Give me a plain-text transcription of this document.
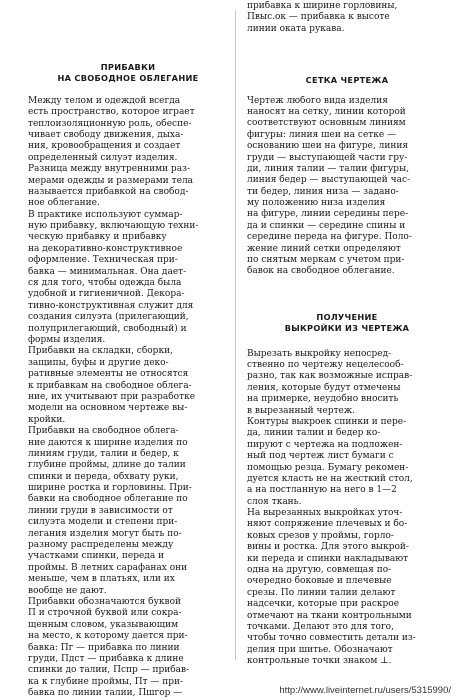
ПРИБАВКИ
НА СВОБОДНОЕ ОБЛЕГАНИЕ
Между телом и одеждой всегда
есть пространство, которое играет
теплоизоляционную роль, обеспе-
чивает свободу движения, дыха-
ния, кровообращения и создает
определенный силуэт изделия.
Разница между внутренними раз-
мерами одежды и размерами тела
называется прибавкой на свобод-
ное облегание.
В практике используют суммар-
ную прибавку, включающую техни-
ческую прибавку и прибавку
на декоративно-конструктивное
оформление. Техническая при-
бавка — минимальная. Она дает-
ся для того, чтобы одежда была
удобной и гигиеничной. Декора-
тивно-конструктивная служит для
создания силуэта (прилегающий,
полуприлегающий, свободный) и
формы изделия.
Прибавки на складки, сборки,
защипы, буфы и другие деко-
ративные элементы не относятся
к прибавкам на свободное облега-
ние, их учитывают при разработке
модели на основном чертеже вы-
кройки.
Прибавки на свободное облега-
ние даются к ширине изделия по
линиям груди, талии и бедер, к
глубине проймы, длине до талии
спинки и переда, обхвату руки,
ширине ростка и горловины. При-
бавки на свободное облегание по
линии груди в зависимости от
силуэта модели и степени при-
легания изделия могут быть по-
разному распределены между
участками спинки, переда и
проймы. В летних сарафанах они
меньше, чем в платьях, или их
вообще не дают.
Прибавки обозначаются буквой
П и строчной буквой или сокра-
щенным словом, указывающим
на место, к которому дается при-
бавка: Пг — прибавка по линии
груди, Пдст — прибавка к длине
спинки до талии, Пспр — прибав-
ка к глубине проймы, Пт — при-
бавка по линии талии, Пшгор —
прибавка к ширине горловины,
Пвыс.ок — прибавка к высоте
линии оката рукава.
СЕТКА ЧЕРТЕЖА
Чертеж любого вида изделия
наносят на сетку, линии которой
соответствуют основным линиям
фигуры: линия шеи на сетке —
основанию шеи на фигуре, линия
груди — выступающей части гру-
ди, линия талии — талии фигуры,
линия бедер — выступающей час-
ти бедер, линия низа — задано-
му положению низа изделия
на фигуре, линии середины пере-
да и спинки — середине спины и
середине переда на фигуре. Поло-
жение линий сетки определяют
по снятым меркам с учетом при-
бавок на свободное облегание.
ПОЛУЧЕНИЕ
ВЫКРОЙКИ ИЗ ЧЕРТЕЖА
Вырезать выкройку непосред-
ственно по чертежу нецелесооб-
разно, так как возможные исправ-
ления, которые будут отмечены
на примерке, неудобно вносить
в вырезанный чертеж.
Контуры выкроек спинки и пере-
да, линии талии и бедер ко-
пируют с чертежа на подложен-
ный под чертеж лист бумаги с
помощью резца. Бумагу рекомен-
дуется класть не на жесткий стол,
а на постланную на него в 1—2
слоя ткань.
На вырезанных выкройках уточ-
няют сопряжение плечевых и бо-
ковых срезов у проймы, горло-
вины и ростка. Для этого выкрой-
ки переда и спинки накладывают
одна на другую, совмещая по-
очередно боковые и плечевые
срезы. По линии талии делают
надсечки, которые при раскрое
отмечают на ткани контрольными
точками. Делают это для того,
чтобы точно совместить детали из-
делия при шитье. Обозначают
контрольные точки знаком ⊥.
http://www.liveinternet.ru/users/5315990/
